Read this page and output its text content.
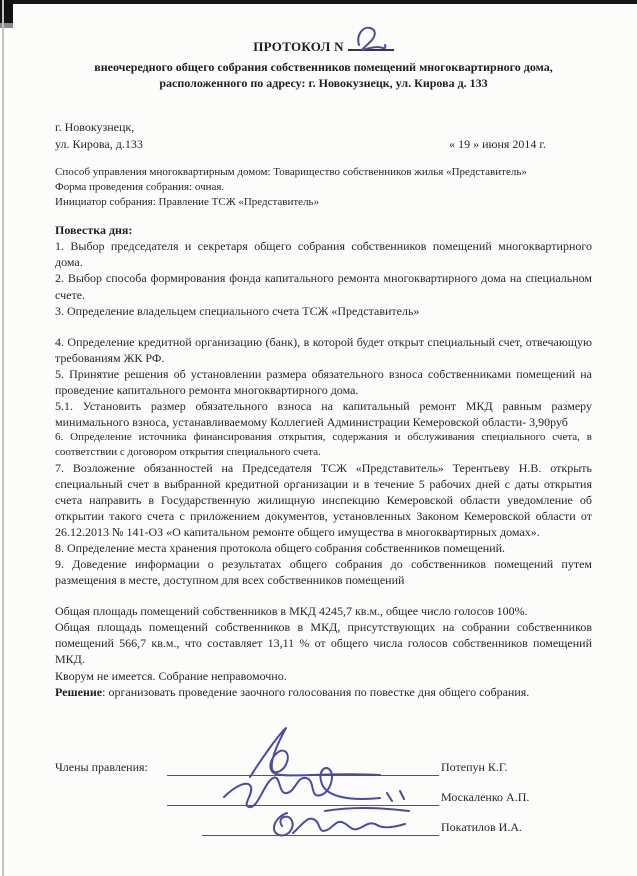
ПРОТОКОЛ N
внеочередного общего собрания собственников помещений многоквартирного дома,
расположенного по адресу: г. Новокузнецк, ул. Кирова д. 133
г. Новокузнецк,
ул. Кирова, д.133	« 19 » июня 2014 г.

Способ управления многоквартирным домом: Товарищество собственников жилья «Представитель»

Форма проведения собрания: очная.

Инициатор собрания: Правление ТСЖ «Представитель»

Повестка дня:

1. Выбор председателя и секретаря общего собрания собственников помещений многоквартирного дома.

2. Выбор способа формирования фонда капитального ремонта многоквартирного дома на специальном счете.

3. Определение владельцем специального счета ТСЖ «Представитель»

4. Определение кредитной организацию (банк), в которой будет открыт специальный счет, отвечающую требованиям ЖК РФ.

5. Принятие решения об установлении размера обязательного взноса собственниками помещений на проведение капитального ремонта многоквартирного дома.

5.1. Установить размер обязательного взноса на капитальный ремонт МКД равным размеру минимального взноса, устанавливаемому Коллегией Администрации Кемеровской области- 3,90руб

6. Определение источника финансирования открытия, содержания и обслуживания специального счета, в соответствии с договором открытия специального счета.

7. Возложение обязанностей на Председателя ТСЖ «Представитель» Терентьеву Н.В. открыть специальный счет в выбранной кредитной организации и в течение 5 рабочих дней с даты открытия счета направить в Государственную жилищную инспекцию Кемеровской области уведомление об открытии такого счета с приложением документов, установленных Законом Кемеровской области от 26.12.2013 № 141-ОЗ «О капитальном ремонте общего имущества в многоквартирных домах».

8. Определение места хранения протокола общего собрания собственников помещений.

9. Доведение информации о результатах общего собрания до собственников помещений путем размещения в месте, доступном для всех собственников помещений

Общая площадь помещений собственников в МКД 4245,7 кв.м., общее число голосов 100%.

Общая площадь помещений собственников в МКД, присутствующих на собрании собственников помещений 566,7 кв.м., что составляет 13,11 % от общего числа голосов собственников помещений МКД.

Кворум не имеется. Собрание неправомочно.

Решение: организовать проведение заочного голосования по повестке дня общего собрания.

Члены правления:	Потепун К.Г.
Москаленко А.П.
Покатилов И.А.
